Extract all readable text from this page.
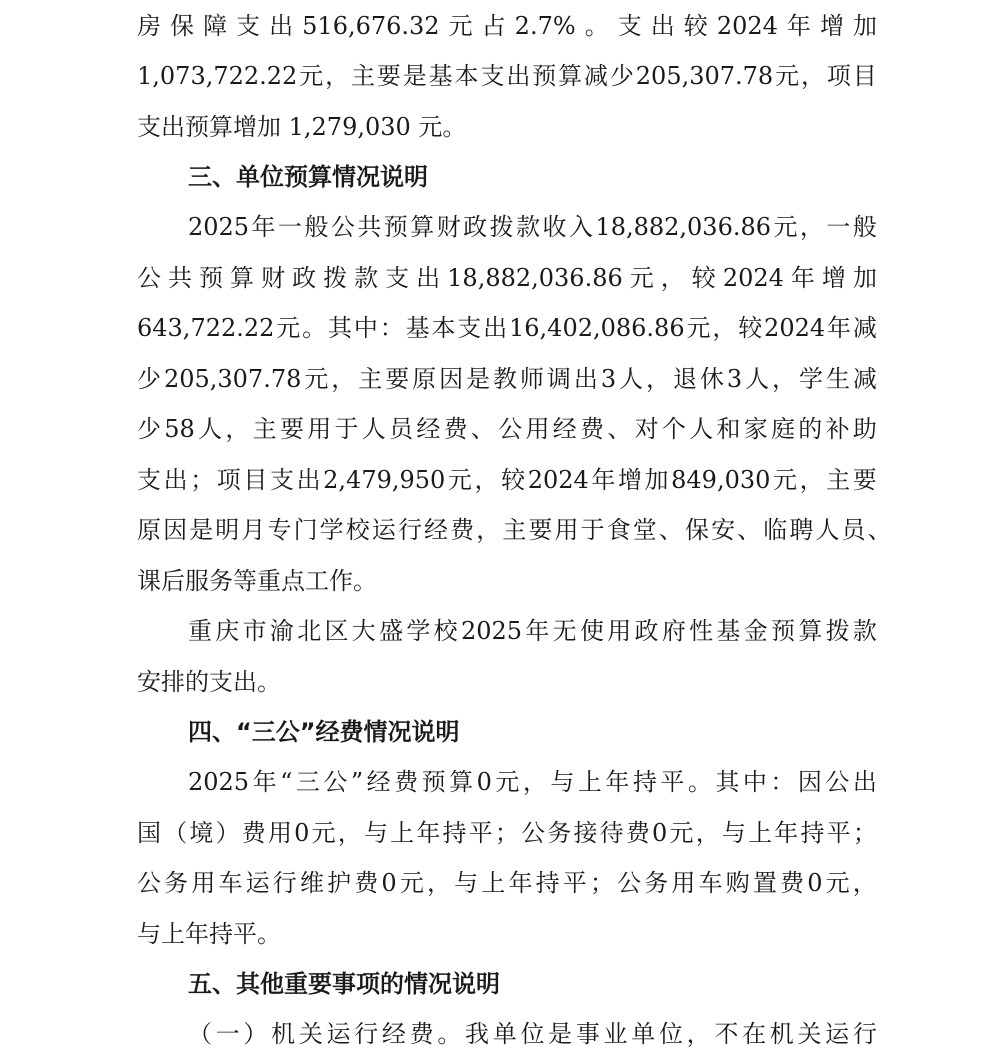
房 保 障 支 出 516,676.32 元 占 2.7% 。 支 出 较 2024 年 增 加
1,073,722.22 元 ， 主 要 是 基 本 支 出 预 算 减 少 205,307.78 元 ， 项 目
支出预算增加 1,279,030 元。
三、单位预算情况说明
2025 年 一 般 公 共 预 算 财 政 拨 款 收 入 18,882,036.86 元 ， 一 般
公 共 预 算 财 政 拨 款 支 出 18,882,036.86 元 ， 较 2024 年 增 加
643,722.22 元 。 其 中 ： 基 本 支 出 16,402,086.86 元 ， 较 2024 年 减
少 205,307.78 元 ， 主 要 原 因 是 教 师 调 出 3 人 ， 退 休 3 人 ， 学 生 减
少 58 人 ， 主 要 用 于 人 员 经 费 、 公 用 经 费 、 对 个 人 和 家 庭 的 补 助
支 出 ； 项 目 支 出 2,479,950 元 ， 较 2024 年 增 加 849,030 元 ， 主 要
原 因 是 明 月 专 门 学 校 运 行 经 费 ， 主 要 用 于 食 堂 、 保 安 、 临 聘 人 员 、
课后服务等重点工作。
重 庆 市 渝 北 区 大 盛 学 校 2025 年 无 使 用 政 府 性 基 金 预 算 拨 款
安排的支出。
四、“三公”经费情况说明
2025 年 “ 三 公 ” 经 费 预 算 0 元 ， 与 上 年 持 平 。 其 中 ： 因 公 出
国 （ 境 ） 费 用 0 元 ， 与 上 年 持 平 ； 公 务 接 待 费 0 元 ， 与 上 年 持 平 ；
公 务 用 车 运 行 维 护 费 0 元 ， 与 上 年 持 平 ； 公 务 用 车 购 置 费 0 元 ，
与上年持平。
五、其他重要事项的情况说明
（ 一 ） 机 关 运 行 经 费 。 我 单 位 是 事 业 单 位 ， 不 在 机 关 运 行
